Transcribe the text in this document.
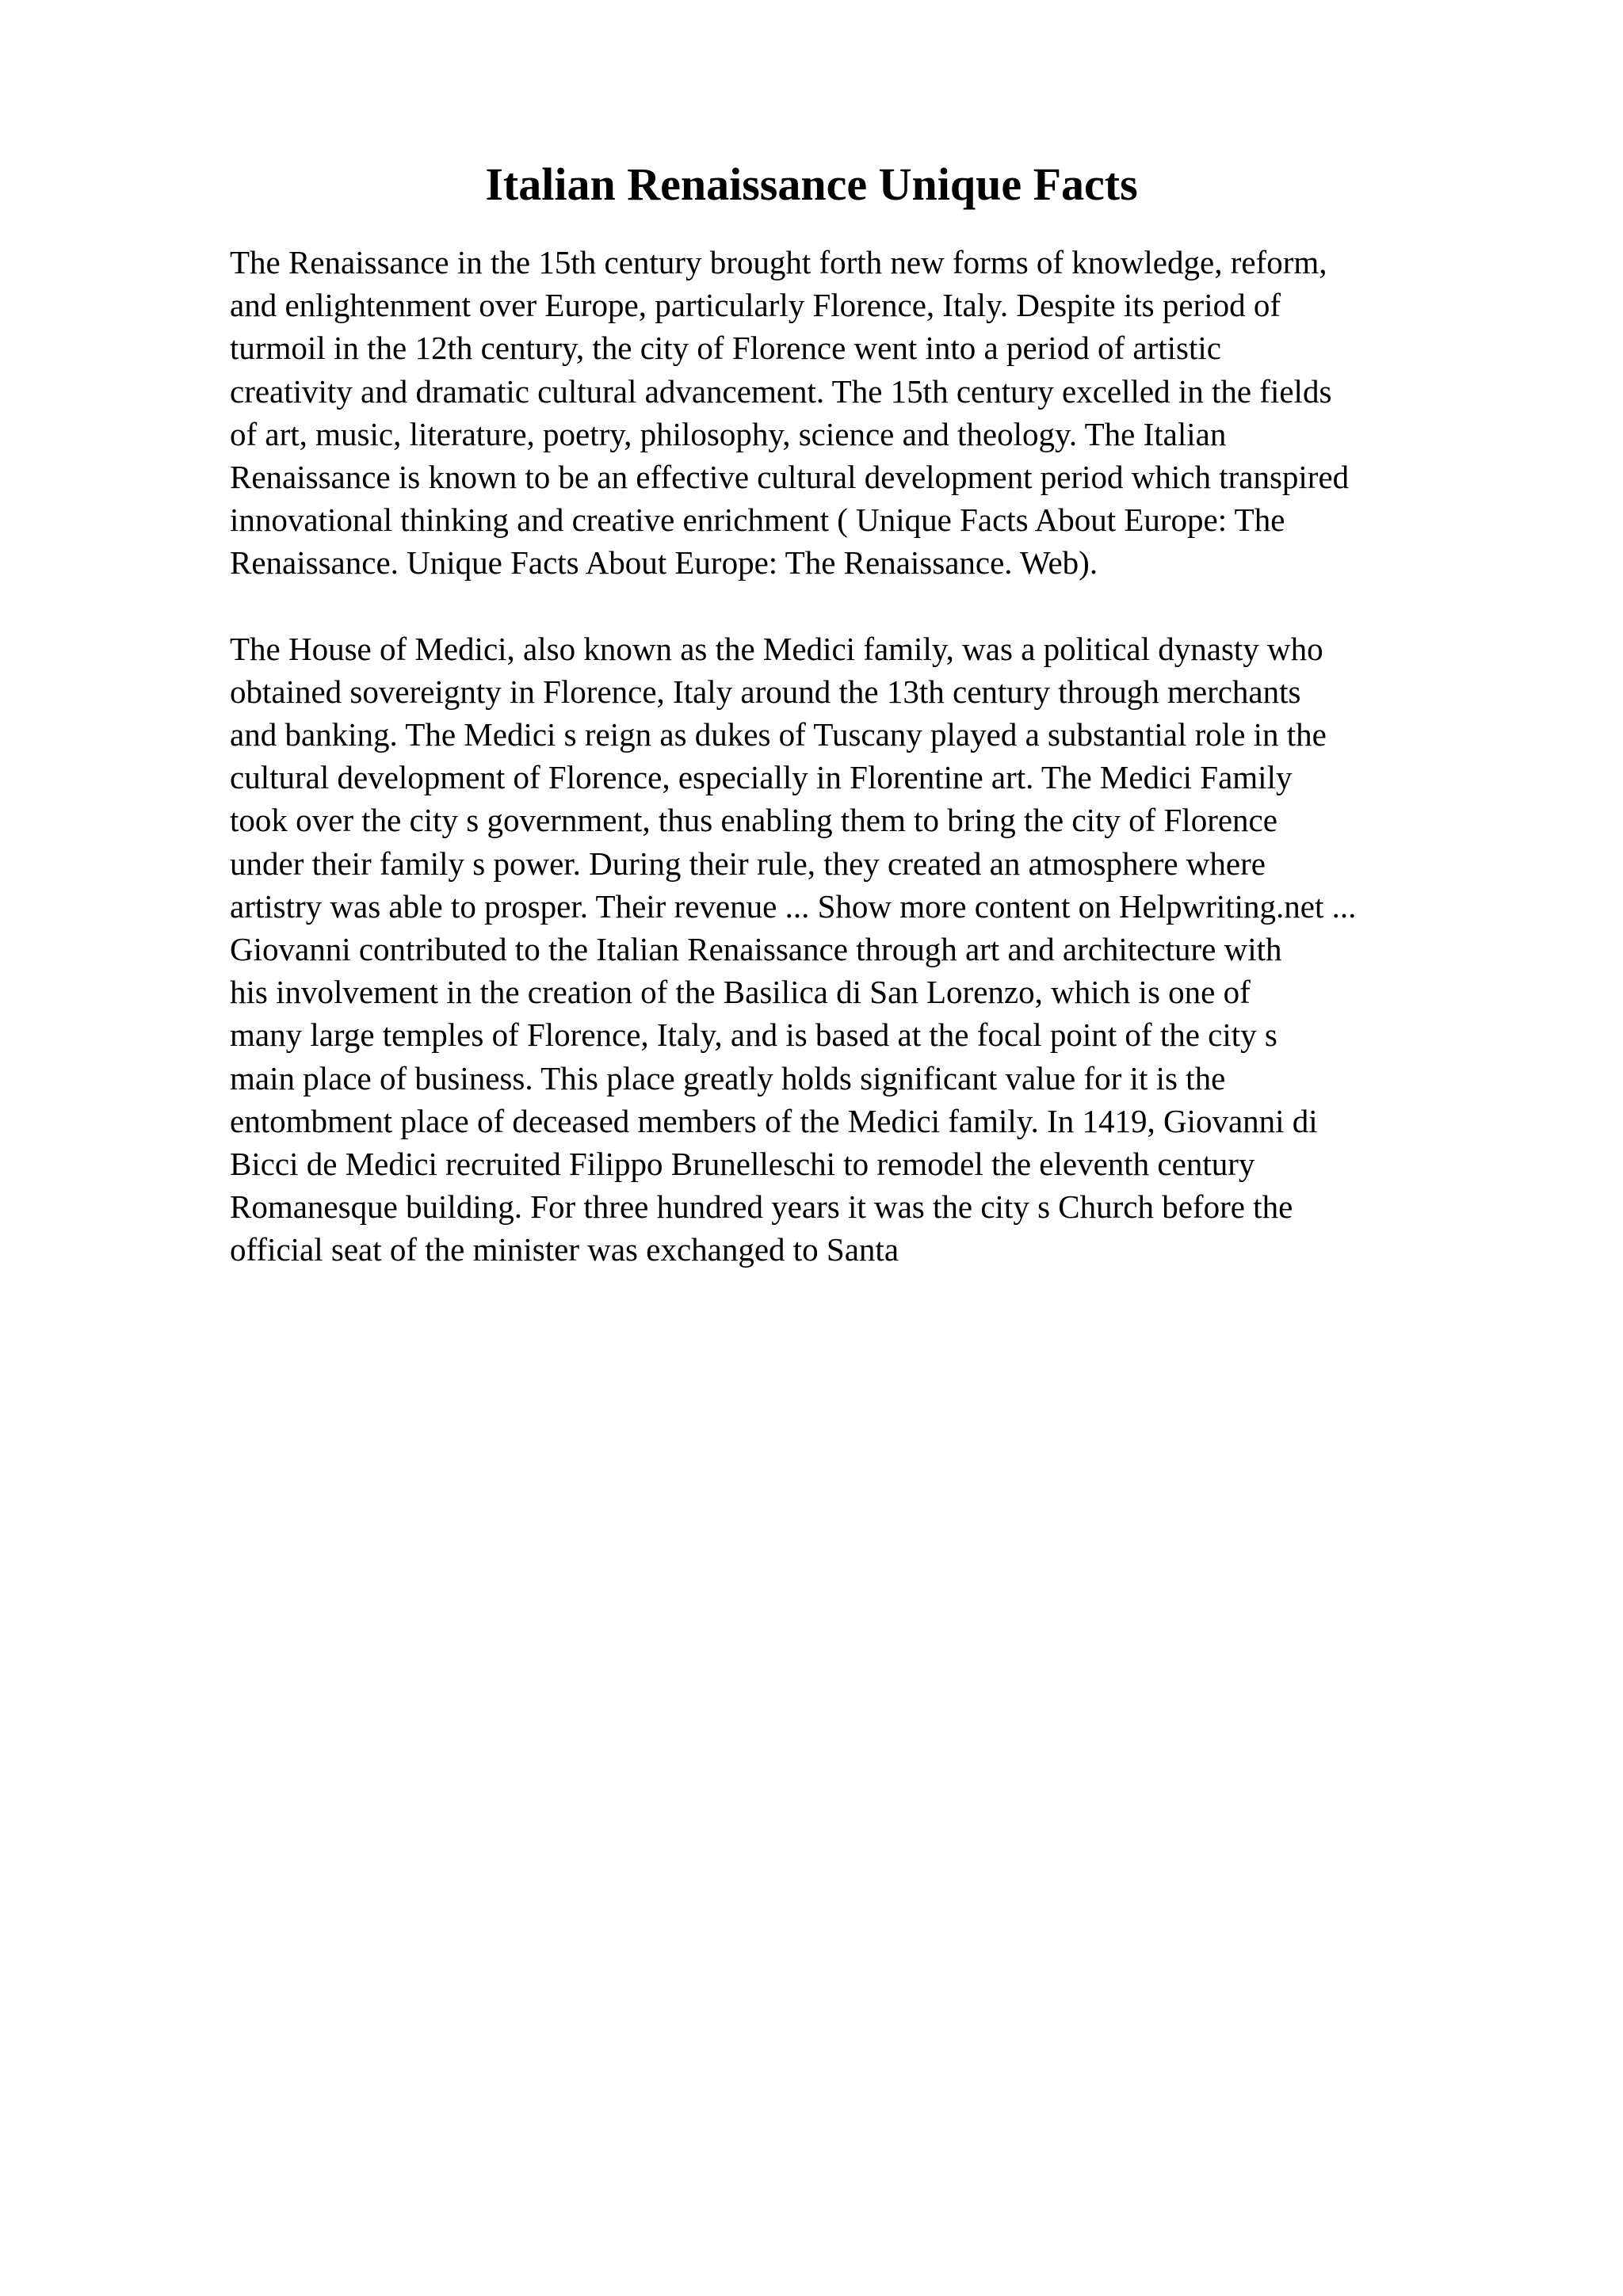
Italian Renaissance Unique Facts

The Renaissance in the 15th century brought forth new forms of knowledge, reform,
and enlightenment over Europe, particularly Florence, Italy. Despite its period of
turmoil in the 12th century, the city of Florence went into a period of artistic
creativity and dramatic cultural advancement. The 15th century excelled in the fields
of art, music, literature, poetry, philosophy, science and theology. The Italian
Renaissance is known to be an effective cultural development period which transpired
innovational thinking and creative enrichment ( Unique Facts About Europe: The
Renaissance. Unique Facts About Europe: The Renaissance. Web).

The House of Medici, also known as the Medici family, was a political dynasty who
obtained sovereignty in Florence, Italy around the 13th century through merchants
and banking. The Medici s reign as dukes of Tuscany played a substantial role in the
cultural development of Florence, especially in Florentine art. The Medici Family
took over the city s government, thus enabling them to bring the city of Florence
under their family s power. During their rule, they created an atmosphere where
artistry was able to prosper. Their revenue ... Show more content on Helpwriting.net ...
Giovanni contributed to the Italian Renaissance through art and architecture with
his involvement in the creation of the Basilica di San Lorenzo, which is one of
many large temples of Florence, Italy, and is based at the focal point of the city s
main place of business. This place greatly holds significant value for it is the
entombment place of deceased members of the Medici family. In 1419, Giovanni di
Bicci de Medici recruited Filippo Brunelleschi to remodel the eleventh century
Romanesque building. For three hundred years it was the city s Church before the
official seat of the minister was exchanged to Santa
